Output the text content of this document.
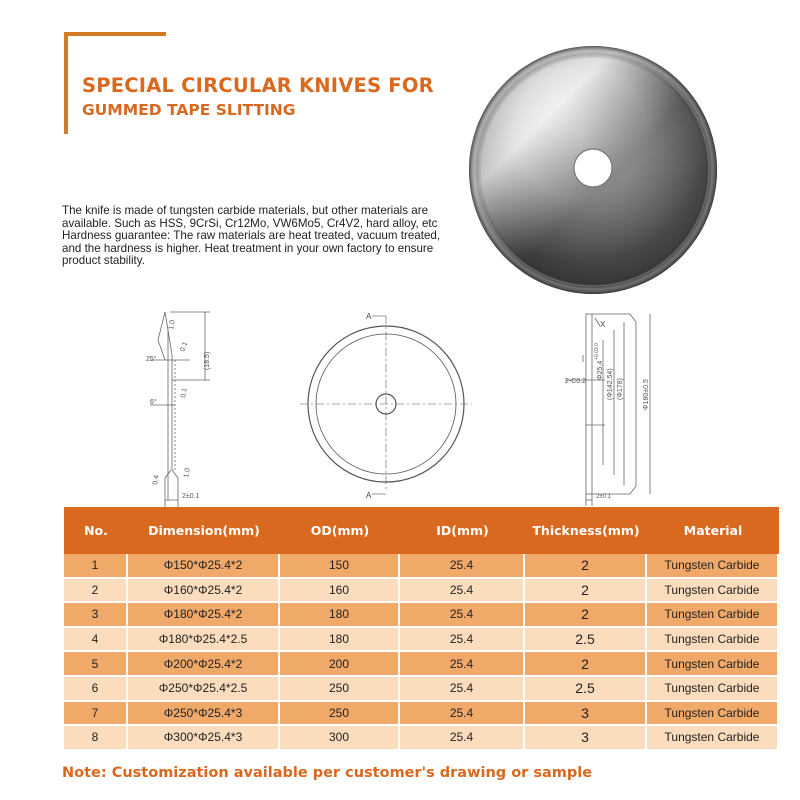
SPECIAL CIRCULAR KNIVES FOR
GUMMED TAPE SLITTING

The knife is made of tungsten carbide materials, but other materials are available. Such as HSS, 9CrSi, Cr12Mo, VW6Mo5, Cr4V2, hard alloy, etc

Hardness guarantee: The raw materials are heat treated, vacuum treated, and the hardness is higher. Heat treatment in your own factory to ensure product stability.

1.0
0.1
25°	(18.5)
6°
0.1
0.4
1.0
2±0.1
A
A
X
Φ25.4
+0.03 0
2-C0.2	(Φ142.54) (Φ178)	Φ180±0.5
2±0.1
No.	Dimension(mm)	OD(mm)	ID(mm)	Thickness(mm)	Material
1	Φ150*Φ25.4*2	150	25.4	2	Tungsten Carbide
2	Φ160*Φ25.4*2	160	25.4	2	Tungsten Carbide
3	Φ180*Φ25.4*2	180	25.4	2	Tungsten Carbide
4	Φ180*Φ25.4*2.5	180	25.4	2.5	Tungsten Carbide
5	Φ200*Φ25.4*2	200	25.4	2	Tungsten Carbide
6	Φ250*Φ25.4*2.5	250	25.4	2.5	Tungsten Carbide
7	Φ250*Φ25.4*3	250	25.4	3	Tungsten Carbide
8	Φ300*Φ25.4*3	300	25.4	3	Tungsten Carbide
Note: Customization available per customer's drawing or sample
